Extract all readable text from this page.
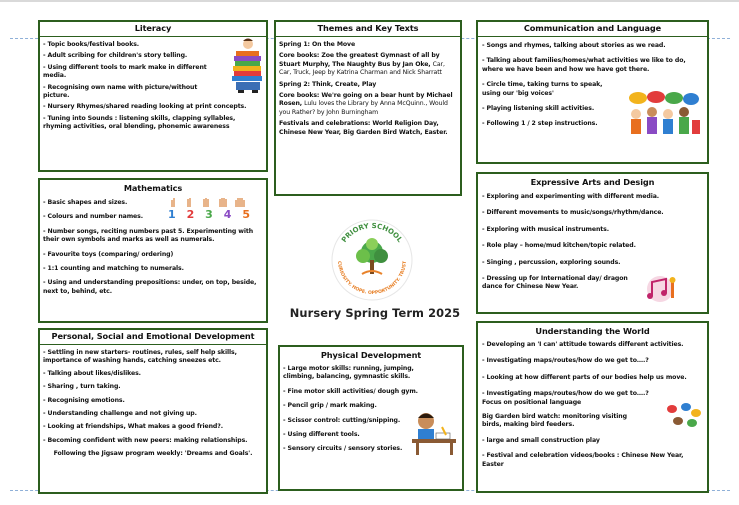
Literacy
- Topic books/festival books.
- Adult scribing for children's story telling.
- Using different tools to mark make in different media.
- Recognising own name with picture/without picture.
- Nursery Rhymes/shared reading looking at print concepts.
- Tuning into Sounds : listening skills, clapping syllables, rhyming activities, oral blending, phonemic awareness
Themes and Key Texts

Spring 1: On the Move

Core books: Zoe the greatest Gymnast of all by Stuart Murphy, The Naughty Bus by Jan Oke, Car, Car, Truck, Jeep by Katrina Charman and Nick Sharratt

Spring 2: Think, Create, Play

Core books: We're going on a bear hunt by Michael Rosen, Lulu loves the Library by Anna McQuinn., Would you Rather? by John Burningham

Festivals and celebrations: World Religion Day, Chinese New Year, Big Garden Bird Watch, Easter.

Communication and Language
- Songs and rhymes, talking about stories as we read.
- Talking about families/homes/what activities we like to do, where we have been and how we have got there.
- Circle time, taking turns to speak, using our 'big voices'
- Playing listening skill activities.
- Following 1 / 2 step instructions.
Mathematics
- Basic shapes and sizes.
- Colours and number names.
- Number songs, reciting numbers past 5. Experimenting with their own symbols and marks as well as numerals.
- Favourite toys (comparing/ ordering)
- 1:1 counting and matching to numerals.
- Using and understanding prepositions: under, on top, beside, next to, behind, etc.
1 2 3 4 5
Expressive Arts and Design
- Exploring and experimenting with different media.
- Different movements to music/songs/rhythm/dance.
- Exploring with musical instruments.
- Role play – home/mud kitchen/topic related.
- Singing , percussion, exploring sounds.
- Dressing up for International day/ dragon dance for Chinese New Year.
PRIORY SCHOOL
CURIOSITY. HOPE. OPPORTUNITY. TRUST
Nursery Spring Term 2025
Personal, Social and Emotional Development
- Settling in new starters- routines, rules, self help skills, importance of washing hands, catching sneezes etc.
- Talking about likes/dislikes.
- Sharing , turn taking.
- Recognising emotions.
- Understanding challenge and not giving up.
- Looking at friendships, What makes a good friend?.
- Becoming confident with new peers: making relationships.

Following the Jigsaw program weekly: 'Dreams and Goals'.

Physical Development
- Large motor skills: running, jumping, climbing, balancing, gymnastic skills.
- Fine motor skill activities/ dough gym.
- Pencil grip / mark making.
- Scissor control: cutting/snipping.
- Using different tools.
- Sensory circuits / sensory stories.
Understanding the World
- Developing an 'I can' attitude towards different activities.
- Investigating maps/routes/how do we get to….?
- Looking at how different parts of our bodies help us move.
- Investigating maps/routes/how do we get to….?
Focus on positional language
Big Garden bird watch: monitoring visiting birds, making bird feeders.
- large and small construction play
- Festival and celebration videos/books : Chinese New Year, Easter
